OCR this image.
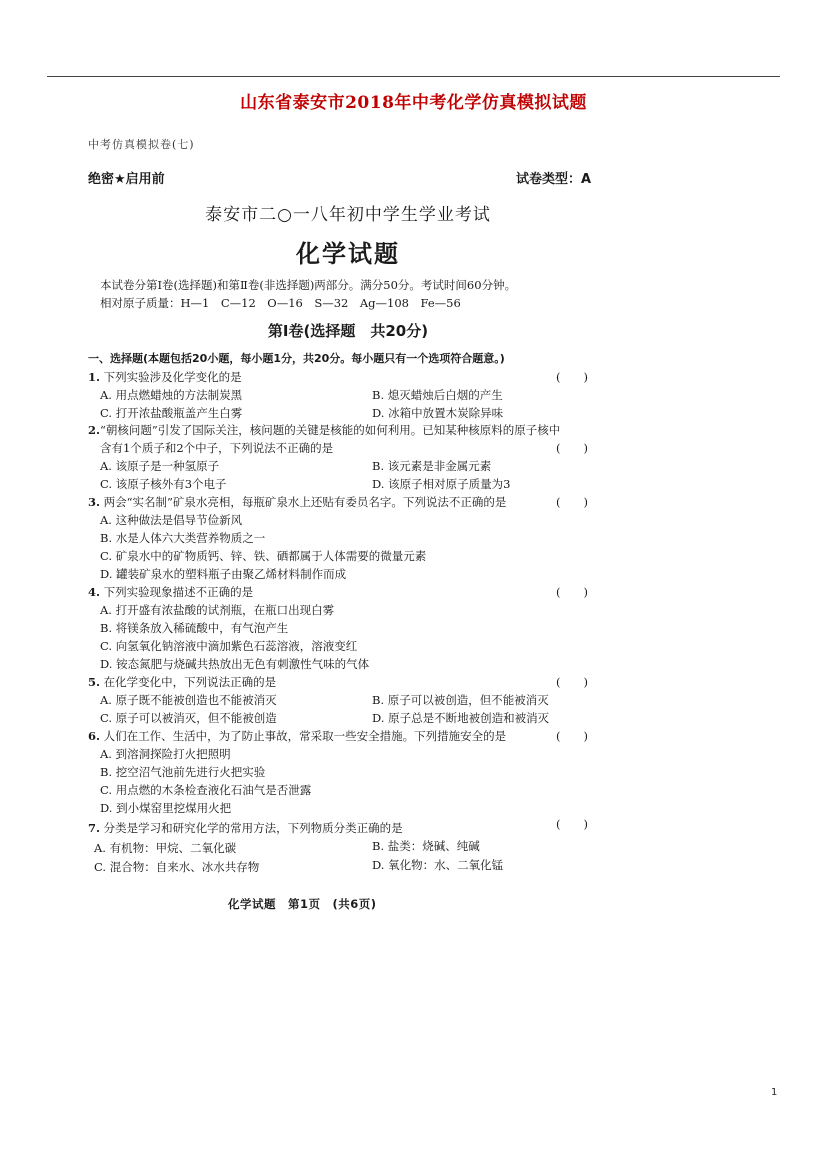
山东省泰安市2018年中考化学仿真模拟试题
中考仿真模拟卷(七)
绝密★启用前	试卷类型：A
泰安市二○一八年初中学生学业考试
化学试题
本试卷分第Ⅰ卷(选择题)和第Ⅱ卷(非选择题)两部分。满分50分。考试时间60分钟。
相对原子质量：H—1　C—12　O—16　S—32　Ag—108　Fe—56
第Ⅰ卷(选择题　共20分)
一、选择题(本题包括20小题，每小题1分，共20分。每小题只有一个选项符合题意。)
1. 下列实验涉及化学变化的是	(　　)
A. 用点燃蜡烛的方法制炭黑	B. 熄灭蜡烛后白烟的产生
C. 打开浓盐酸瓶盖产生白雾	D. 冰箱中放置木炭除异味
2.“朝核问题”引发了国际关注，核问题的关键是核能的如何利用。已知某种核原料的原子核中
含有1个质子和2个中子，下列说法不正确的是	(　　)
A. 该原子是一种氢原子	B. 该元素是非金属元素
C. 该原子核外有3个电子	D. 该原子相对原子质量为3
3. 两会“实名制”矿泉水亮相，每瓶矿泉水上还贴有委员名字。下列说法不正确的是	(　　)
A. 这种做法是倡导节俭新风
B. 水是人体六大类营养物质之一
C. 矿泉水中的矿物质钙、锌、铁、硒都属于人体需要的微量元素
D. 罐装矿泉水的塑料瓶子由聚乙烯材料制作而成
4. 下列实验现象描述不正确的是	(　　)
A. 打开盛有浓盐酸的试剂瓶，在瓶口出现白雾
B. 将镁条放入稀硫酸中，有气泡产生
C. 向氢氧化钠溶液中滴加紫色石蕊溶液，溶液变红
D. 铵态氮肥与烧碱共热放出无色有刺激性气味的气体
5. 在化学变化中，下列说法正确的是	(　　)
A. 原子既不能被创造也不能被消灭	B. 原子可以被创造，但不能被消灭
C. 原子可以被消灭，但不能被创造	D. 原子总是不断地被创造和被消灭
6. 人们在工作、生活中，为了防止事故，常采取一些安全措施。下列措施安全的是	(　　)
A. 到溶洞探险打火把照明
B. 挖空沼气池前先进行火把实验
C. 用点燃的木条检查液化石油气是否泄露
D. 到小煤窑里挖煤用火把
7. 分类是学习和研究化学的常用方法，下列物质分类正确的是	(　　)
A. 有机物：甲烷、二氧化碳	B. 盐类：烧碱、纯碱
C. 混合物：自来水、冰水共存物	D. 氧化物：水、二氧化锰
化学试题　第1页　(共6页)
1
